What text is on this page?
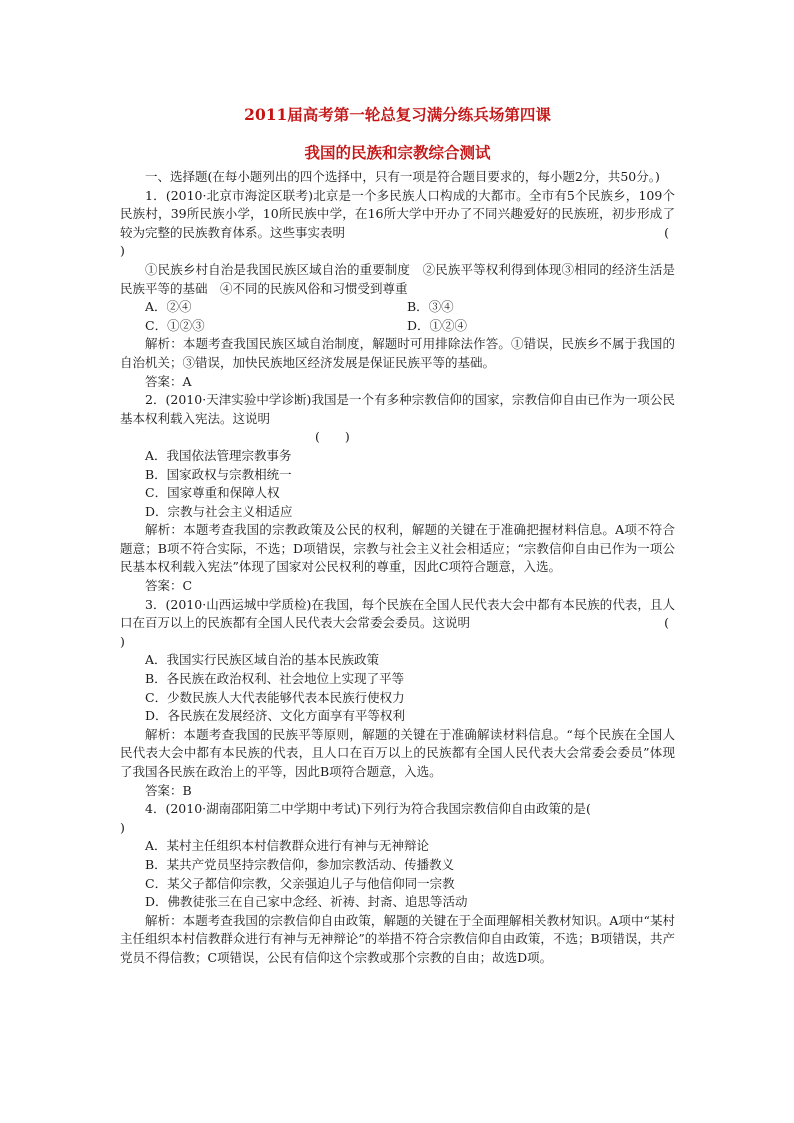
2011届高考第一轮总复习满分练兵场第四课
我国的民族和宗教综合测试

一、选择题(在每小题列出的四个选择中，只有一项是符合题目要求的，每小题2分，共50分。)

1．(2010·北京市海淀区联考)北京是一个多民族人口构成的大都市。全市有5个民族乡，109个民族村，39所民族小学，10所民族中学，在16所大学中开办了不同兴趣爱好的民族班，初步形成了较为完整的民族教育体系。这些事实表明	(

)

①民族乡村自治是我国民族区域自治的重要制度　②民族平等权利得到体现③相同的经济生活是民族平等的基础　④不同的民族风俗和习惯受到尊重

A．②④	B．③④
C．①②③	D．①②④

解析：本题考查我国民族区域自治制度，解题时可用排除法作答。①错误，民族乡不属于我国的自治机关；③错误，加快民族地区经济发展是保证民族平等的基础。

答案：A

2．(2010·天津实验中学诊断)我国是一个有多种宗教信仰的国家，宗教信仰自由已作为一项公民基本权利载入宪法。这说明

(　　)

A．我国依法管理宗教事务

B．国家政权与宗教相统一

C．国家尊重和保障人权

D．宗教与社会主义相适应

解析：本题考查我国的宗教政策及公民的权利，解题的关键在于准确把握材料信息。A项不符合题意；B项不符合实际，不选；D项错误，宗教与社会主义社会相适应；“宗教信仰自由已作为一项公民基本权利载入宪法”体现了国家对公民权利的尊重，因此C项符合题意，入选。

答案：C

3．(2010·山西运城中学质检)在我国，每个民族在全国人民代表大会中都有本民族的代表，且人口在百万以上的民族都有全国人民代表大会常委会委员。这说明	(

)

A．我国实行民族区域自治的基本民族政策

B．各民族在政治权利、社会地位上实现了平等

C．少数民族人大代表能够代表本民族行使权力

D．各民族在发展经济、文化方面享有平等权利

解析：本题考查我国的民族平等原则，解题的关键在于准确解读材料信息。“每个民族在全国人民代表大会中都有本民族的代表，且人口在百万以上的民族都有全国人民代表大会常委会委员”体现了我国各民族在政治上的平等，因此B项符合题意，入选。

答案：B

4．(2010·湖南邵阳第二中学期中考试)下列行为符合我国宗教信仰自由政策的是(

)

A．某村主任组织本村信教群众进行有神与无神辩论

B．某共产党员坚持宗教信仰，参加宗教活动、传播教义

C．某父子都信仰宗教，父亲强迫儿子与他信仰同一宗教

D．佛教徒张三在自己家中念经、祈祷、封斋、追思等活动

解析：本题考查我国的宗教信仰自由政策，解题的关键在于全面理解相关教材知识。A项中“某村主任组织本村信教群众进行有神与无神辩论”的举措不符合宗教信仰自由政策，不选；B项错误，共产党员不得信教；C项错误，公民有信仰这个宗教或那个宗教的自由；故选D项。
